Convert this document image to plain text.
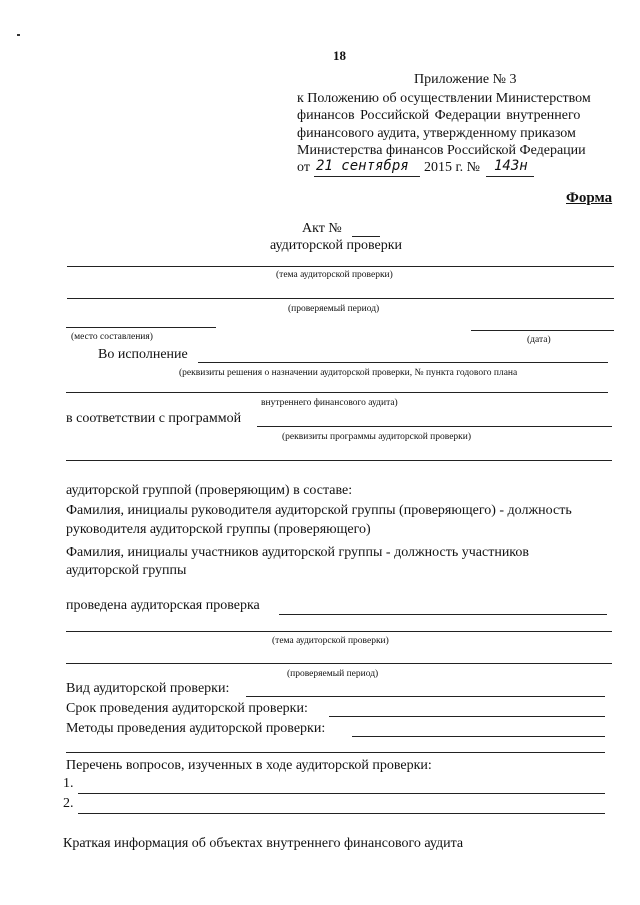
18
Приложение № 3
к Положению об осуществлении Министерством
финансов Российской Федерации внутреннего
финансового аудита, утвержденному приказом
Министерства финансов Российской Федерации
от 21 сентября 2015 г. № 143н
Форма
Акт №
аудиторской проверки
(тема аудиторской проверки)
(проверяемый период)
(место составления)	(дата)
Во исполнение
(реквизиты решения о назначении аудиторской проверки, № пункта годового плана
внутреннего финансового аудита)
в соответствии с программой
(реквизиты программы аудиторской проверки)
аудиторской группой (проверяющим) в составе:
Фамилия, инициалы руководителя аудиторской группы (проверяющего) - должность
руководителя аудиторской группы (проверяющего)
Фамилия, инициалы участников аудиторской группы - должность участников
аудиторской группы
проведена аудиторская проверка
(тема аудиторской проверки)
(проверяемый период)
Вид аудиторской проверки:
Срок проведения аудиторской проверки:
Методы проведения аудиторской проверки:
Перечень вопросов, изученных в ходе аудиторской проверки:
1.
2.
Краткая информация об объектах внутреннего финансового аудита
